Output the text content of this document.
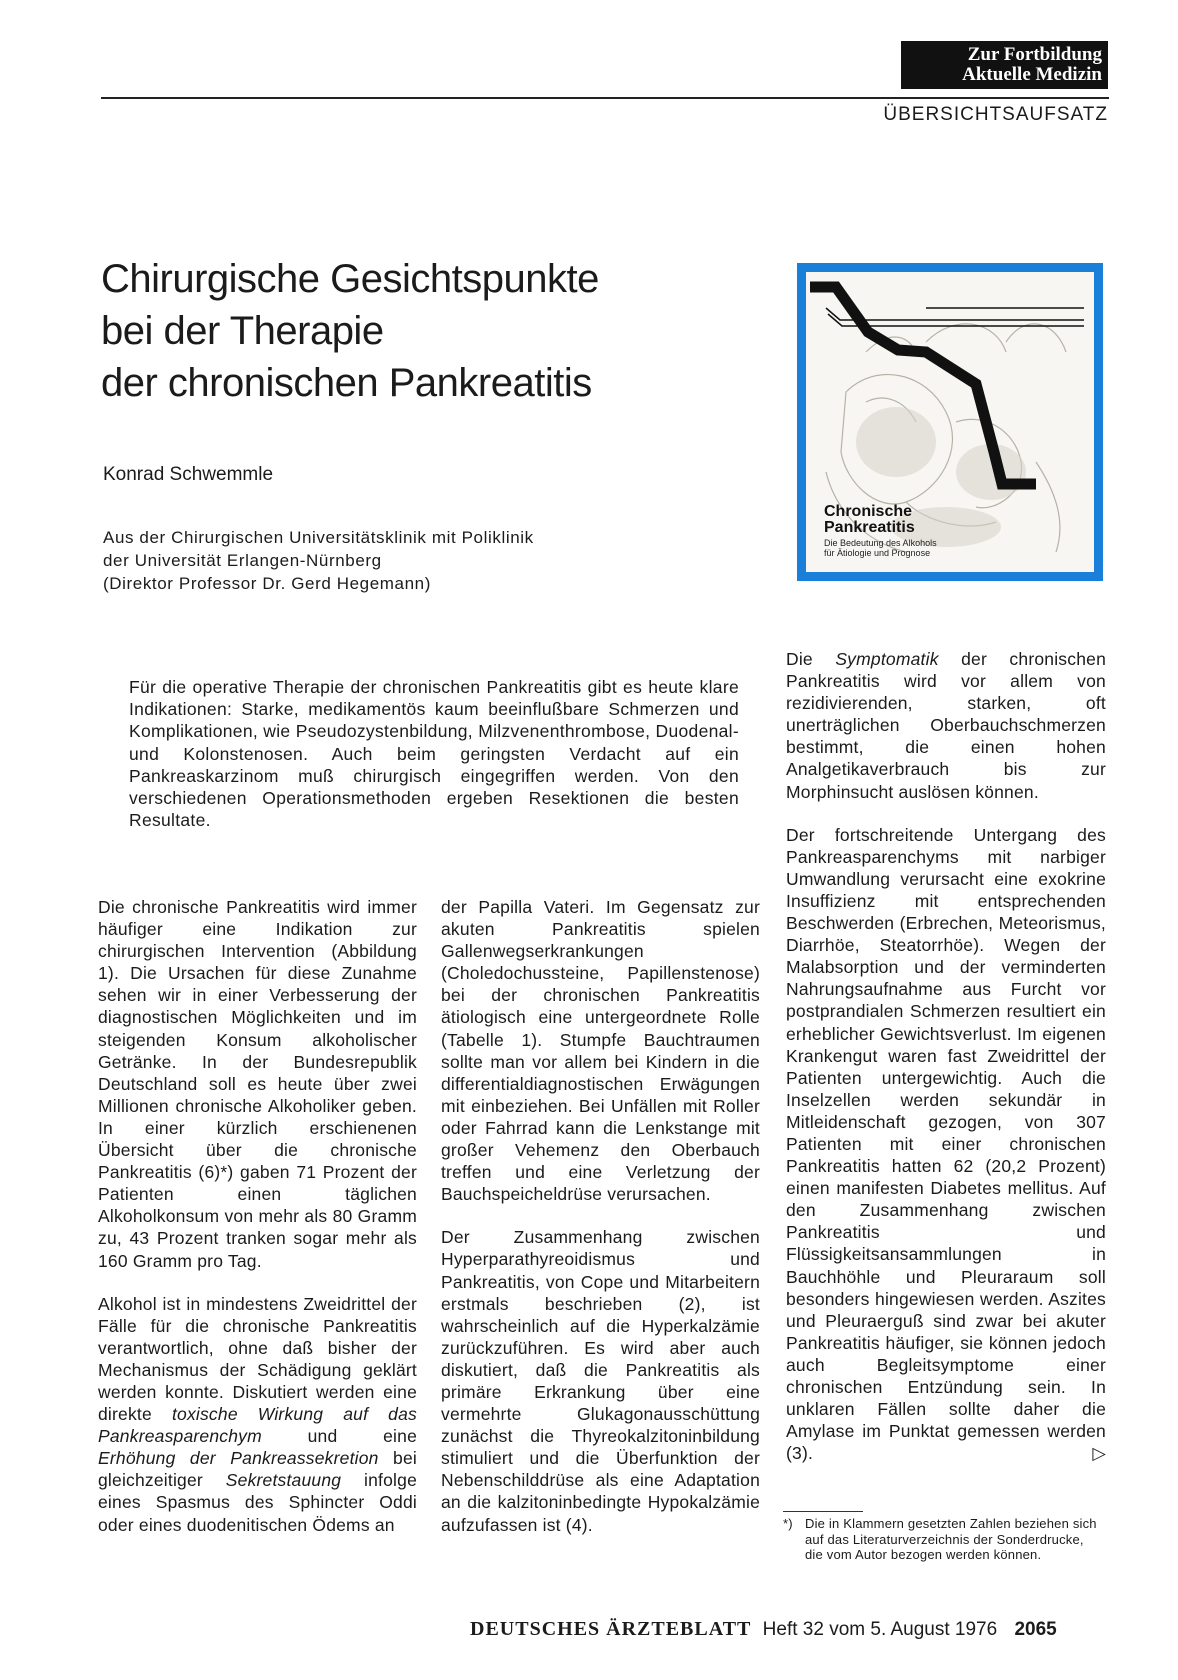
Zur Fortbildung
Aktuelle Medizin
ÜBERSICHTSAUFSATZ
Chirurgische Gesichtspunkte
bei der Therapie
der chronischen Pankreatitis
Konrad Schwemmle
Aus der Chirurgischen Universitätsklinik mit Poliklinik
der Universität Erlangen-Nürnberg
(Direktor Professor Dr. Gerd Hegemann)
Chronische
Pankreatitis
Die Bedeutung des Alkohols
für Ätiologie und Prognose
Für die operative Therapie der chronischen Pankreatitis gibt es heute klare Indikationen: Starke, medikamentös kaum beeinflußbare Schmerzen und Komplikationen, wie Pseudozystenbildung, Milzvenenthrombose, Duodenal- und Kolonstenosen. Auch beim geringsten Verdacht auf ein Pankreaskarzinom muß chirurgisch eingegriffen werden. Von den verschiedenen Operationsmethoden ergeben Resektionen die besten Resultate.

Die chronische Pankreatitis wird immer häufiger eine Indikation zur chirurgischen Intervention (Abbildung 1). Die Ursachen für diese Zunahme sehen wir in einer Verbesserung der diagnostischen Möglichkeiten und im steigenden Konsum alkoholischer Getränke. In der Bundesrepublik Deutschland soll es heute über zwei Millionen chronische Alkoholiker geben. In einer kürzlich erschienenen Übersicht über die chronische Pankreatitis (6)*) gaben 71 Prozent der Patienten einen täglichen Alkoholkonsum von mehr als 80 Gramm zu, 43 Prozent tranken sogar mehr als 160 Gramm pro Tag.

Alkohol ist in mindestens Zweidrittel der Fälle für die chronische Pankreatitis verantwortlich, ohne daß bisher der Mechanismus der Schädigung geklärt werden konnte. Diskutiert werden eine direkte toxische Wirkung auf das Pankreasparenchym und eine Erhöhung der Pankreassekretion bei gleichzeitiger Sekretstauung infolge eines Spasmus des Sphincter Oddi oder eines duodenitischen Ödems an

der Papilla Vateri. Im Gegensatz zur akuten Pankreatitis spielen Gallenwegserkrankungen (Choledochussteine, Papillenstenose) bei der chronischen Pankreatitis ätiologisch eine untergeordnete Rolle (Tabelle 1). Stumpfe Bauchtraumen sollte man vor allem bei Kindern in die differentialdiagnostischen Erwägungen mit einbeziehen. Bei Unfällen mit Roller oder Fahrrad kann die Lenkstange mit großer Vehemenz den Oberbauch treffen und eine Verletzung der Bauchspeicheldrüse verursachen.

Der Zusammenhang zwischen Hyperparathyreoidismus und Pankreatitis, von Cope und Mitarbeitern erstmals beschrieben (2), ist wahrscheinlich auf die Hyperkalzämie zurückzuführen. Es wird aber auch diskutiert, daß die Pankreatitis als primäre Erkrankung über eine vermehrte Glukagonausschüttung zunächst die Thyreokalzitoninbildung stimuliert und die Überfunktion der Nebenschilddrüse als eine Adaptation an die kalzitoninbedingte Hypokalzämie aufzufassen ist (4).

Die Symptomatik der chronischen Pankreatitis wird vor allem von rezidivierenden, starken, oft unerträglichen Oberbauchschmerzen bestimmt, die einen hohen Analgetikaverbrauch bis zur Morphinsucht auslösen können.

Der fortschreitende Untergang des Pankreasparenchyms mit narbiger Umwandlung verursacht eine exokrine Insuffizienz mit entsprechenden Beschwerden (Erbrechen, Meteorismus, Diarrhöe, Steatorrhöe). Wegen der Malabsorption und der verminderten Nahrungsaufnahme aus Furcht vor postprandialen Schmerzen resultiert ein erheblicher Gewichtsverlust. Im eigenen Krankengut waren fast Zweidrittel der Patienten untergewichtig. Auch die Inselzellen werden sekundär in Mitleidenschaft gezogen, von 307 Patienten mit einer chronischen Pankreatitis hatten 62 (20,2 Prozent) einen manifesten Diabetes mellitus. Auf den Zusammenhang zwischen Pankreatitis und Flüssigkeitsansammlungen in Bauchhöhle und Pleuraraum soll besonders hingewiesen werden. Aszites und Pleuraerguß sind zwar bei akuter Pankreatitis häufiger, sie können jedoch auch Begleitsymptome einer chronischen Entzündung sein. In unklaren Fällen sollte daher die Amylase im Punktat gemessen werden (3).	▷

*) Die in Klammern gesetzten Zahlen beziehen sich auf das Literaturverzeichnis der Sonderdrucke, die vom Autor bezogen werden können.
DEUTSCHES ÄRZTEBLATT Heft 32 vom 5. August 1976 2065
